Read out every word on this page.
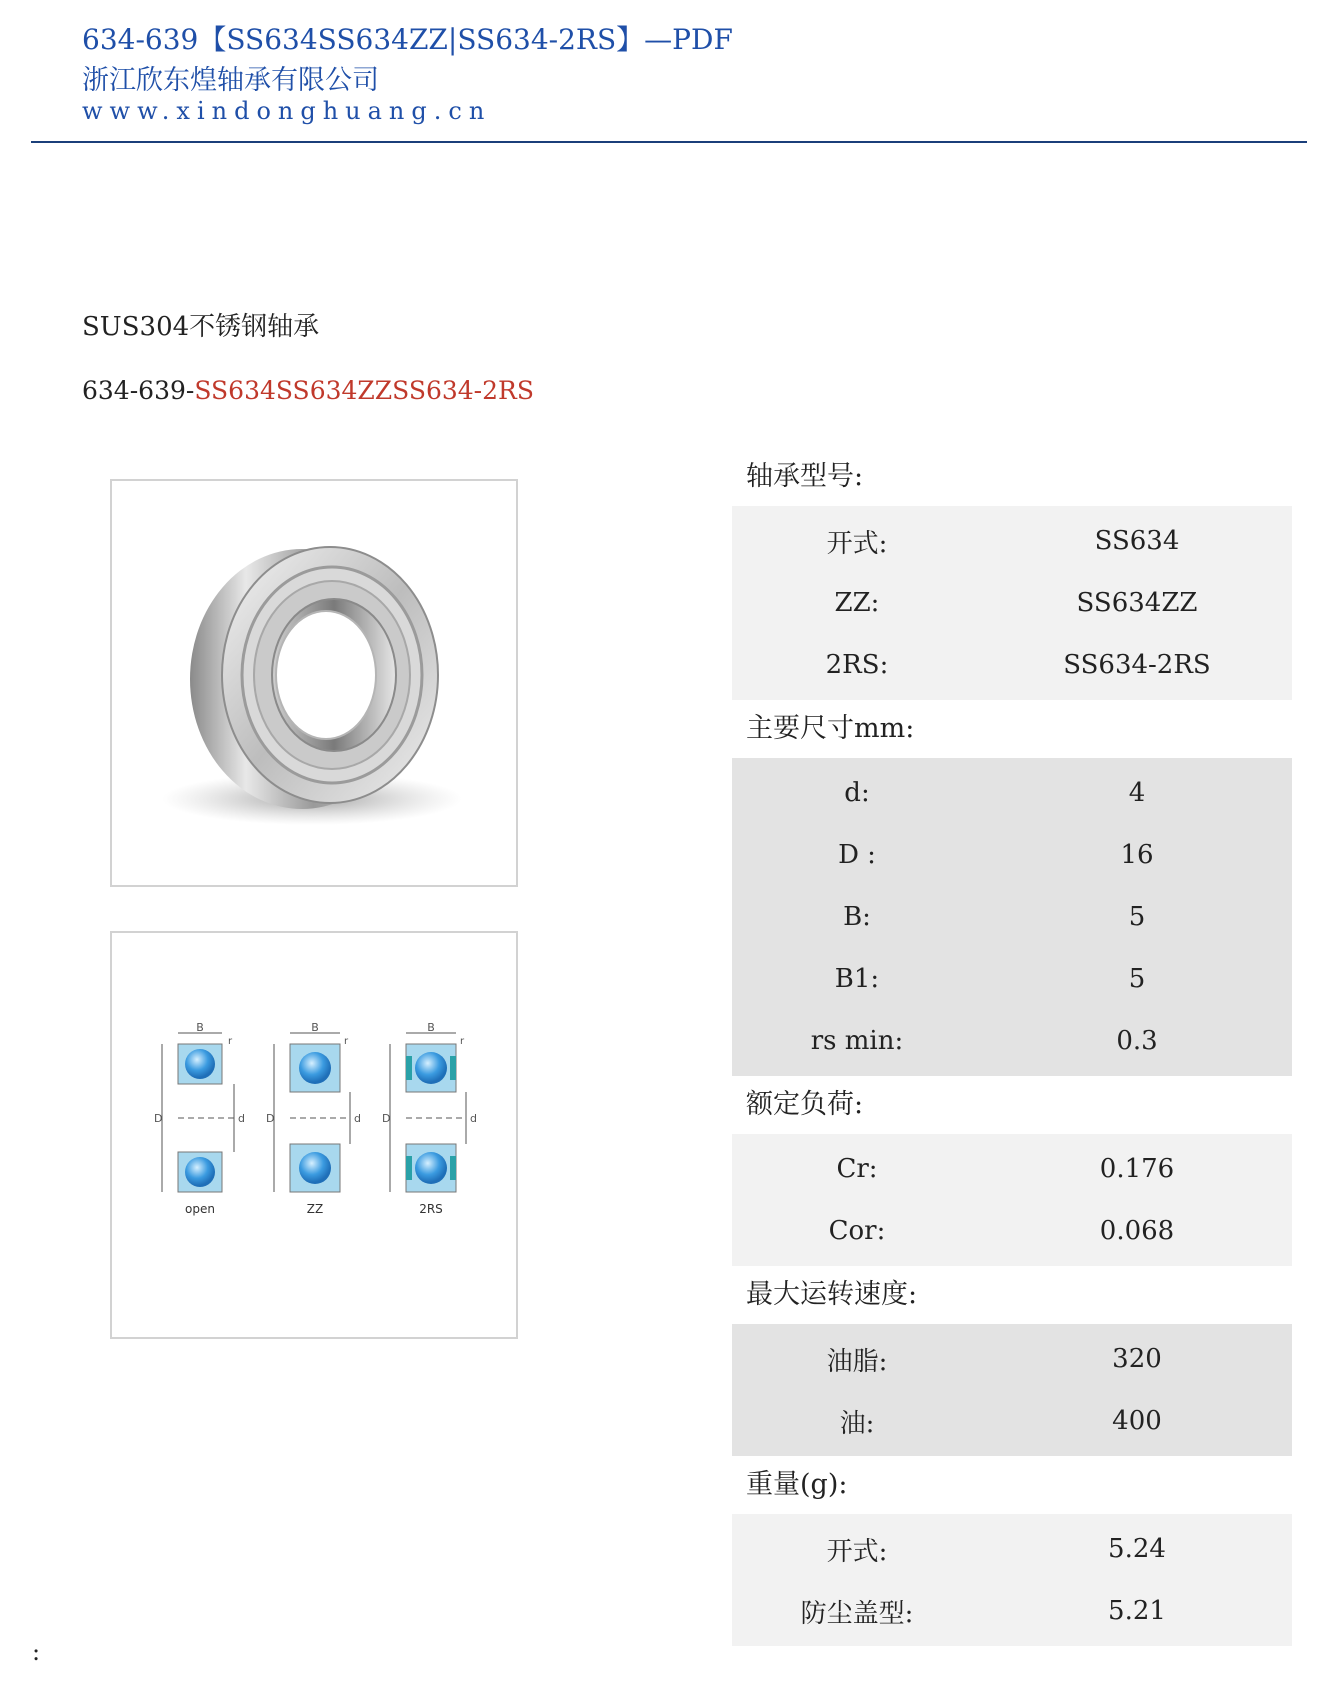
634-639【SS634SS634ZZ|SS634-2RS】—PDF
浙江欣东煌轴承有限公司
www.xindonghuang.cn
SUS304不锈钢轴承
634-639-SS634SS634ZZSS634-2RS
B
r
D	d
open
B
r
D	d
ZZ
B
r
D	d
2RS
轴承型号:
开式:	SS634
ZZ:	SS634ZZ
2RS:	SS634-2RS
主要尺寸mm:
d:	4
D :	16
B:	5
B1:	5
rs min:	0.3
额定负荷:
Cr:	0.176
Cor:	0.068
最大运转速度:
油脂:	320
油:	400
重量(g):
开式:	5.24
防尘盖型:	5.21
:
